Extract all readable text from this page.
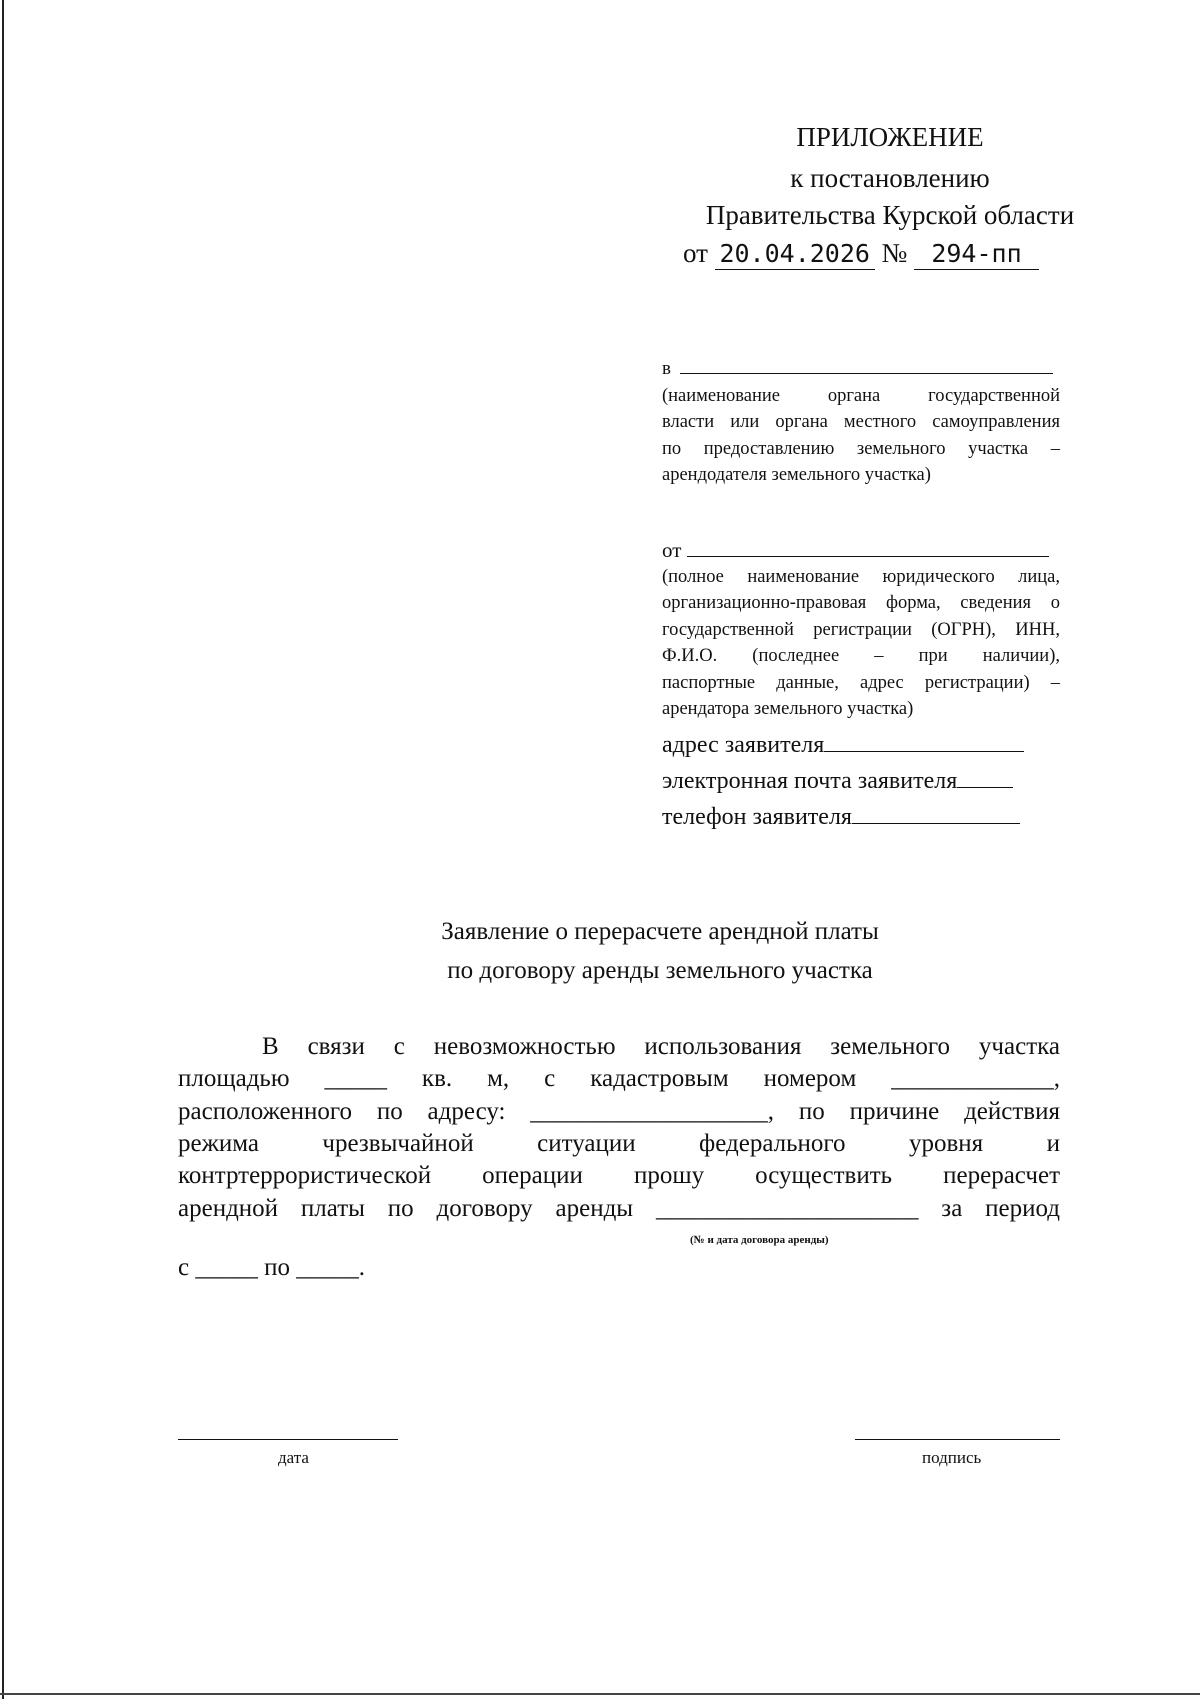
ПРИЛОЖЕНИЕ
к постановлению
Правительства Курской области
от 20.04.2026 № 294-пп
в
(наименование органа государственной
власти или органа местного самоуправления
по предоставлению земельного участка –
арендодателя земельного участка)
от
(полное наименование юридического лица,
организационно-правовая форма, сведения о
государственной регистрации (ОГРН), ИНН,
Ф.И.О. (последнее – при наличии),
паспортные данные, адрес регистрации) –
арендатора земельного участка)
адрес заявителя
электронная почта заявителя
телефон заявителя
Заявление о перерасчете арендной платы
по договору аренды земельного участка
В связи с невозможностью использования земельного участка
площадью _____ кв. м, с кадастровым номером _____________,
расположенного по адресу: ___________________, по причине действия
режима чрезвычайной ситуации федерального уровня и
контртеррористической операции прошу осуществить перерасчет
арендной платы по договору аренды _____________________ за период
(№ и дата договора аренды)
с _____ по _____.
дата	подпись
